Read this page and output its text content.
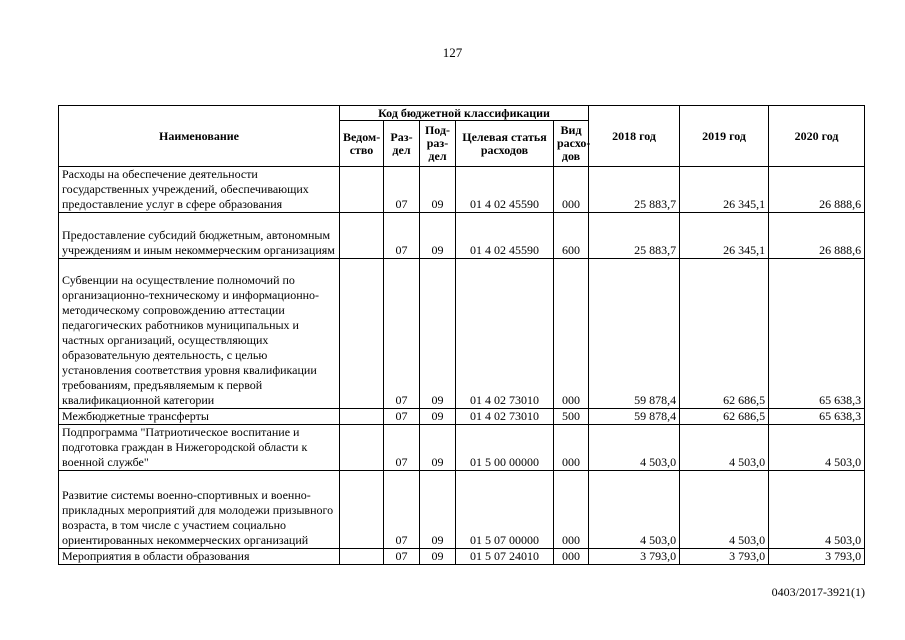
127
Наименование	Код бюджетной классификации					2018 год	2019 год	2020 год
	Ведом-ство	Раз-дел	Под-раз-дел	Целевая статья расходов	Вид расхо-дов			
Расходы на обеспечение деятельности государственных учреждений, обеспечивающих предоставление услуг в сфере образования		07	09	01 4 02 45590	000	25 883,7	26 345,1	26 888,6
Предоставление субсидий бюджетным, автономным учреждениям и иным некоммерческим организациям		07	09	01 4 02 45590	600	25 883,7	26 345,1	26 888,6
Субвенции на осуществление полномочий по организационно-техническому и информационно-методическому сопровождению аттестации педагогических работников муниципальных и частных организаций, осуществляющих образовательную деятельность, с целью установления соответствия уровня квалификации требованиям, предъявляемым к первой квалификационной категории		07	09	01 4 02 73010	000	59 878,4	62 686,5	65 638,3
Межбюджетные трансферты		07	09	01 4 02 73010	500	59 878,4	62 686,5	65 638,3
Подпрограмма "Патриотическое воспитание и подготовка граждан в Нижегородской области к военной службе"		07	09	01 5 00 00000	000	4 503,0	4 503,0	4 503,0
Развитие системы военно-спортивных и военно-прикладных мероприятий для молодежи призывного возраста, в том числе с участием социально ориентированных некоммерческих организаций		07	09	01 5 07 00000	000	4 503,0	4 503,0	4 503,0
Мероприятия в области образования		07	09	01 5 07 24010	000	3 793,0	3 793,0	3 793,0
0403/2017-3921(1)
